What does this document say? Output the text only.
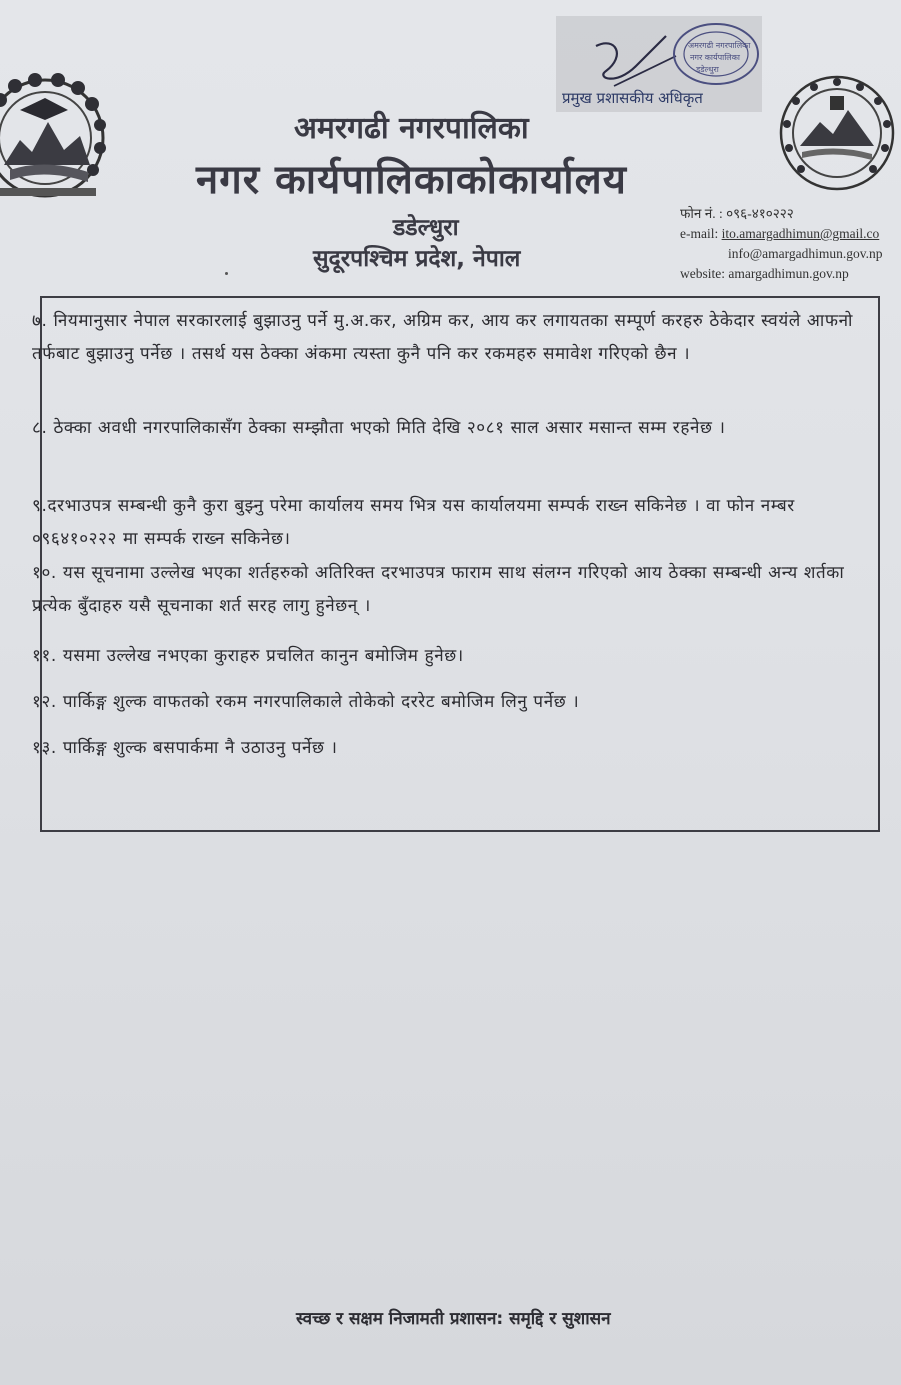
अमरगढी नगरपालिका
नगर कार्यपालिका
डडेल्धुरा
प्रमुख प्रशासकीय अधिकृत
अमरगढी नगरपालिका
नगर कार्यपालिकाकोकार्यालय
डडेल्धुरा
सुदूरपश्चिम प्रदेश, नेपाल
फोन नं. : ०९६-४१०२२२
e-mail: ito.amargadhimun@gmail.co
info@amargadhimun.gov.np
website: amargadhimun.gov.np
७. नियमानुसार नेपाल सरकारलाई बुझाउनु पर्ने मु.अ.कर, अग्रिम कर, आय कर लगायतका सम्पूर्ण करहरु ठेकेदार स्वयंले आफनो तर्फबाट बुझाउनु पर्नेछ । तसर्थ यस ठेक्का अंकमा त्यस्ता कुनै पनि कर रकमहरु समावेश गरिएको छैन ।
८. ठेक्का अवधी नगरपालिकासँग ठेक्का सम्झौता भएको मिति देखि २०८१ साल असार मसान्त सम्म रहनेछ ।
९.दरभाउपत्र सम्बन्धी कुनै कुरा बुझ्नु परेमा कार्यालय समय भित्र यस कार्यालयमा सम्पर्क राख्न सकिनेछ । वा फोन नम्बर ०९६४१०२२२ मा सम्पर्क राख्न सकिनेछ।
१०. यस सूचनामा उल्लेख भएका शर्तहरुको अतिरिक्त दरभाउपत्र फाराम साथ संलग्न गरिएको आय ठेक्का सम्बन्धी अन्य शर्तका प्रत्येक बुँदाहरु यसै सूचनाका शर्त सरह लागु हुनेछन् ।
११. यसमा उल्लेख नभएका कुराहरु प्रचलित कानुन बमोजिम हुनेछ।
१२. पार्किङ्ग शुल्क वाफतको रकम नगरपालिकाले तोकेको दररेट बमोजिम लिनु पर्नेछ ।
१३. पार्किङ्ग शुल्क बसपार्कमा नै उठाउनु पर्नेछ ।
स्वच्छ र सक्षम निजामती प्रशासन: समृद्दि र सुशासन
